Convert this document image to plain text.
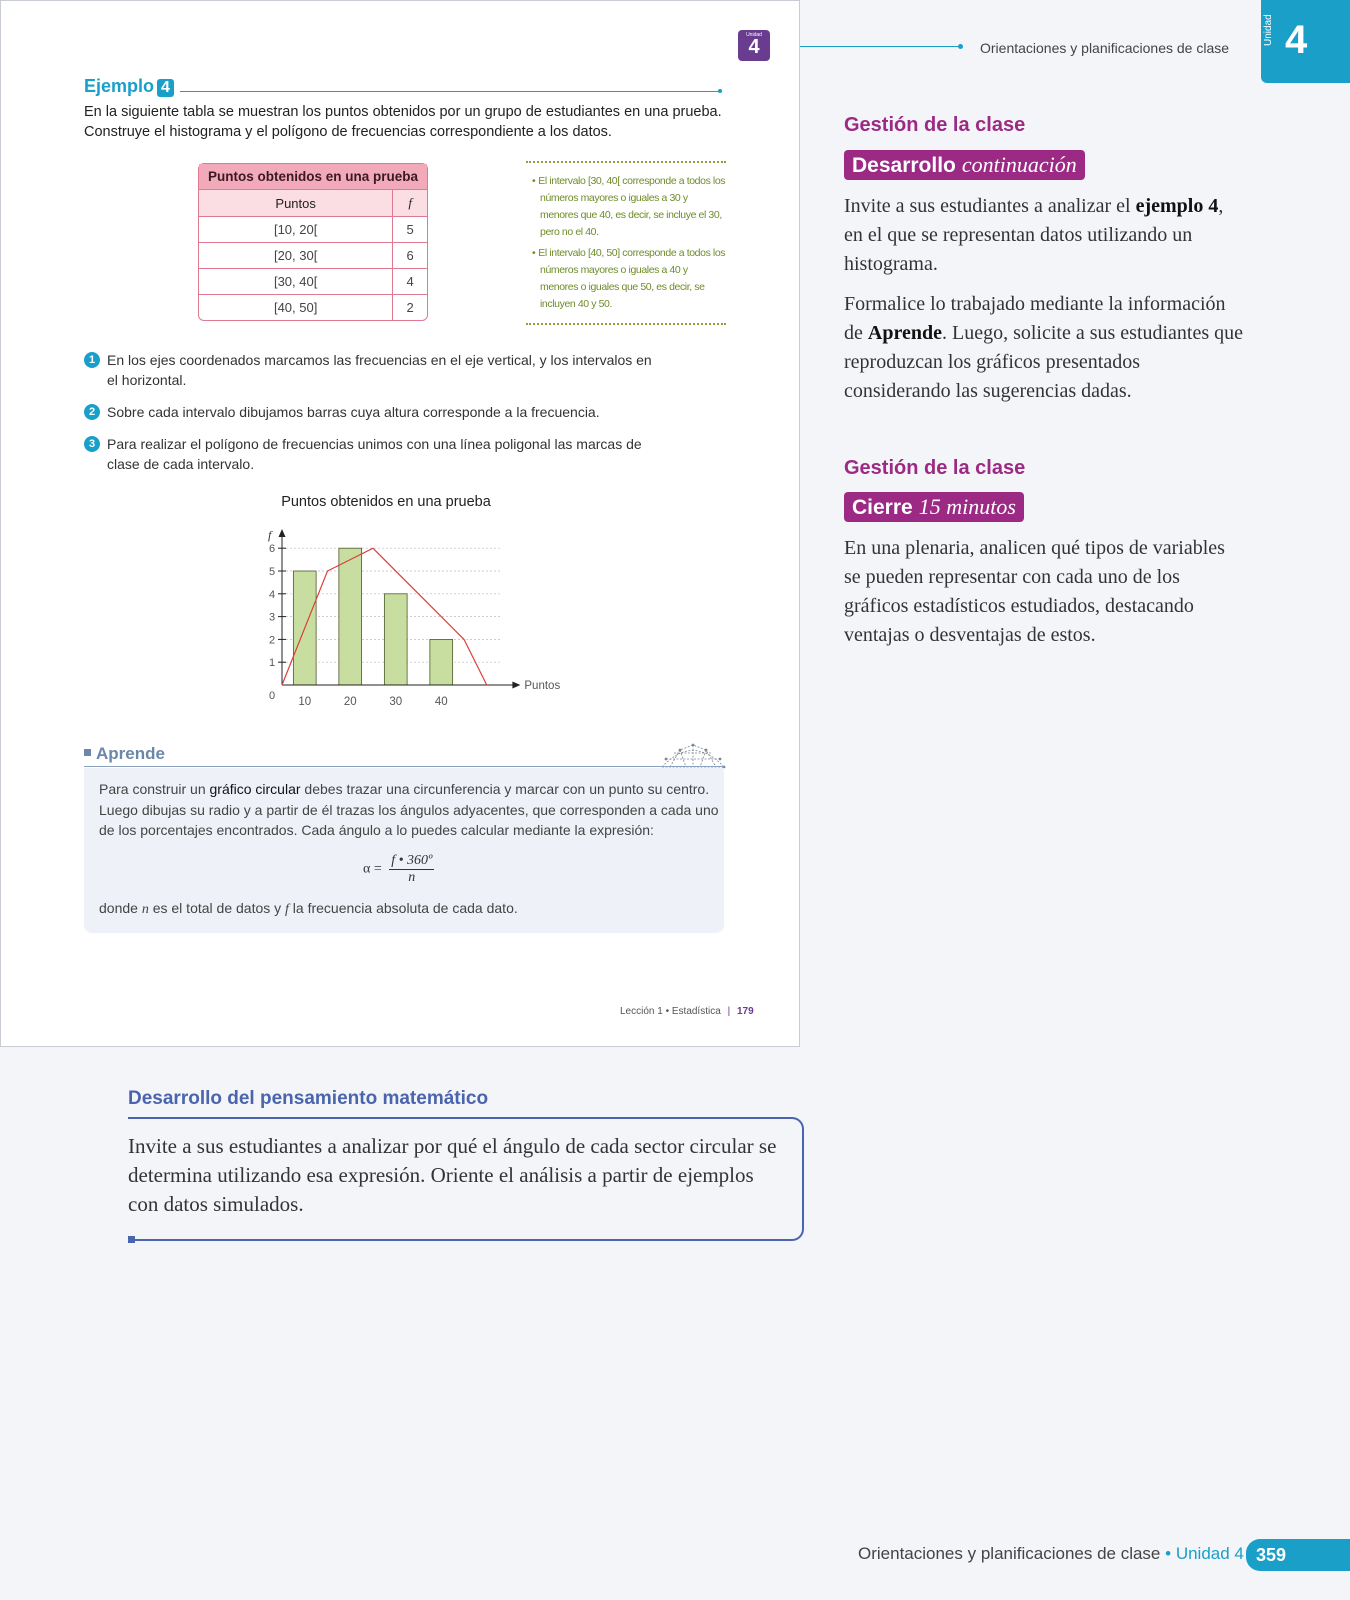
Unidad
4
Ejemplo 4
En la siguiente tabla se muestran los puntos obtenidos por un grupo de estudiantes en una prueba. Construye el histograma y el polígono de frecuencias correspondiente a los datos.
Puntos obtenidos en una prueba	
Puntos	f
[10, 20[	5
[20, 30[	6
[30, 40[	4
[40, 50]	2
• El intervalo [30, 40[ corresponde a todos los números mayores o iguales a 30 y menores que 40, es decir, se incluye el 30, pero no el 40.
• El intervalo [40, 50] corresponde a todos los números mayores o iguales a 40 y menores o iguales que 50, es decir, se incluyen 40 y 50.
1 En los ejes coordenados marcamos las frecuencias en el eje vertical, y los intervalos en el horizontal.
2 Sobre cada intervalo dibujamos barras cuya altura corresponde a la frecuencia.
3 Para realizar el polígono de frecuencias unimos con una línea poligonal las marcas de clase de cada intervalo.
Puntos obtenidos en una prueba
1
2
3
4
5
6
10	20	30	40
0
f
Puntos
Aprende
Para construir un gráfico circular debes trazar una circunferencia y marcar con un punto su centro. Luego dibujas su radio y a partir de él trazas los ángulos adyacentes, que corresponden a cada uno de los porcentajes encontrados. Cada ángulo a lo puedes calcular mediante la expresión:
$\alpha = \frac{\text{f • 360º}}{n}$
donde n es el total de datos y f la frecuencia absoluta de cada dato.
Lección 1 • Estadística | 179
Orientaciones y planificaciones de clase
Unidad 4
Gestión de la clase
Desarrollo continuación
Invite a sus estudiantes a analizar el ejemplo 4, en el que se representan datos utilizando un histograma.
Formalice lo trabajado mediante la información de Aprende. Luego, solicite a sus estudiantes que reproduzcan los gráficos presentados considerando las sugerencias dadas.
Gestión de la clase
Cierre 15 minutos
En una plenaria, analicen qué tipos de variables se pueden representar con cada uno de los gráficos estadísticos estudiados, destacando ventajas o desventajas de estos.
Desarrollo del pensamiento matemático
Invite a sus estudiantes a analizar por qué el ángulo de cada sector circular se determina utilizando esa expresión. Oriente el análisis a partir de ejemplos con datos simulados.
Orientaciones y planificaciones de clase • Unidad 4 359
